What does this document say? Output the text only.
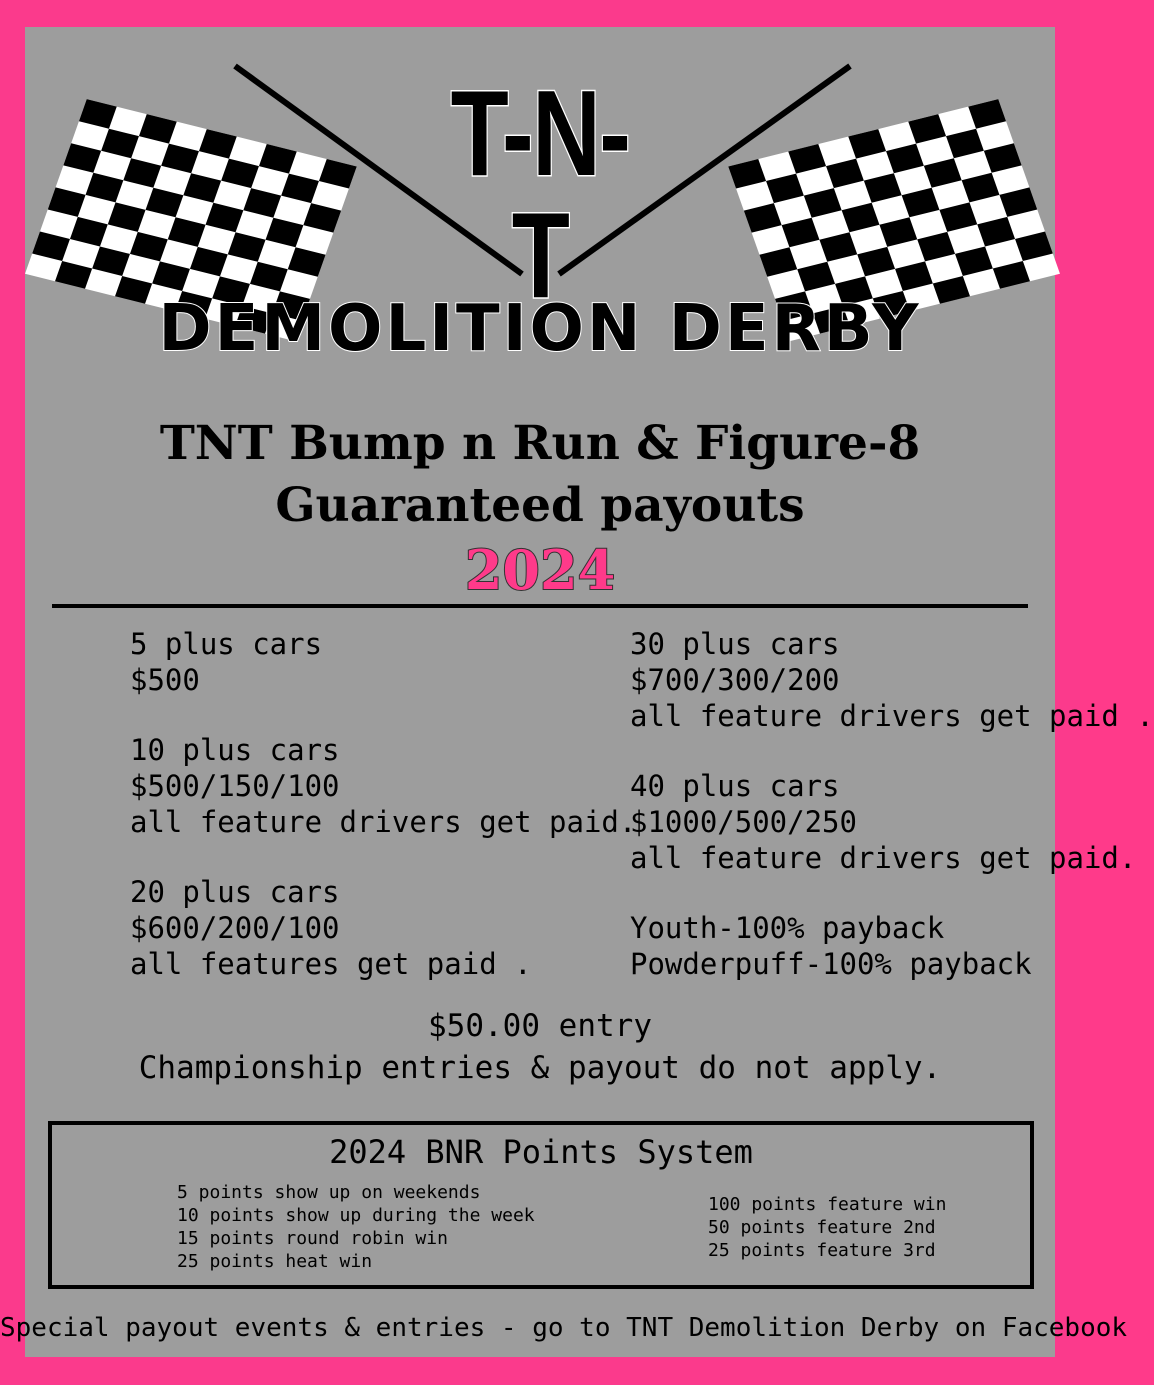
T-N-T
DEMOLITION DERBY
TNT Bump n Run & Figure-8
Guaranteed payouts
2024
5 plus cars
$500
10 plus cars
$500/150/100
all feature drivers get paid.
20 plus cars
$600/200/100
all features get paid .
30 plus cars
$700/300/200
all feature drivers get paid .
40 plus cars
$1000/500/250
all feature drivers get paid.
Youth-100% payback
Powderpuff-100% payback
$50.00 entry
Championship entries & payout do not apply.
2024 BNR Points System
5 points show up on weekends
10 points show up during the week
15 points round robin win
25 points heat win
100 points feature win
50 points feature 2nd
25 points feature 3rd
Special payout events & entries - go to TNT Demolition Derby on Facebook
